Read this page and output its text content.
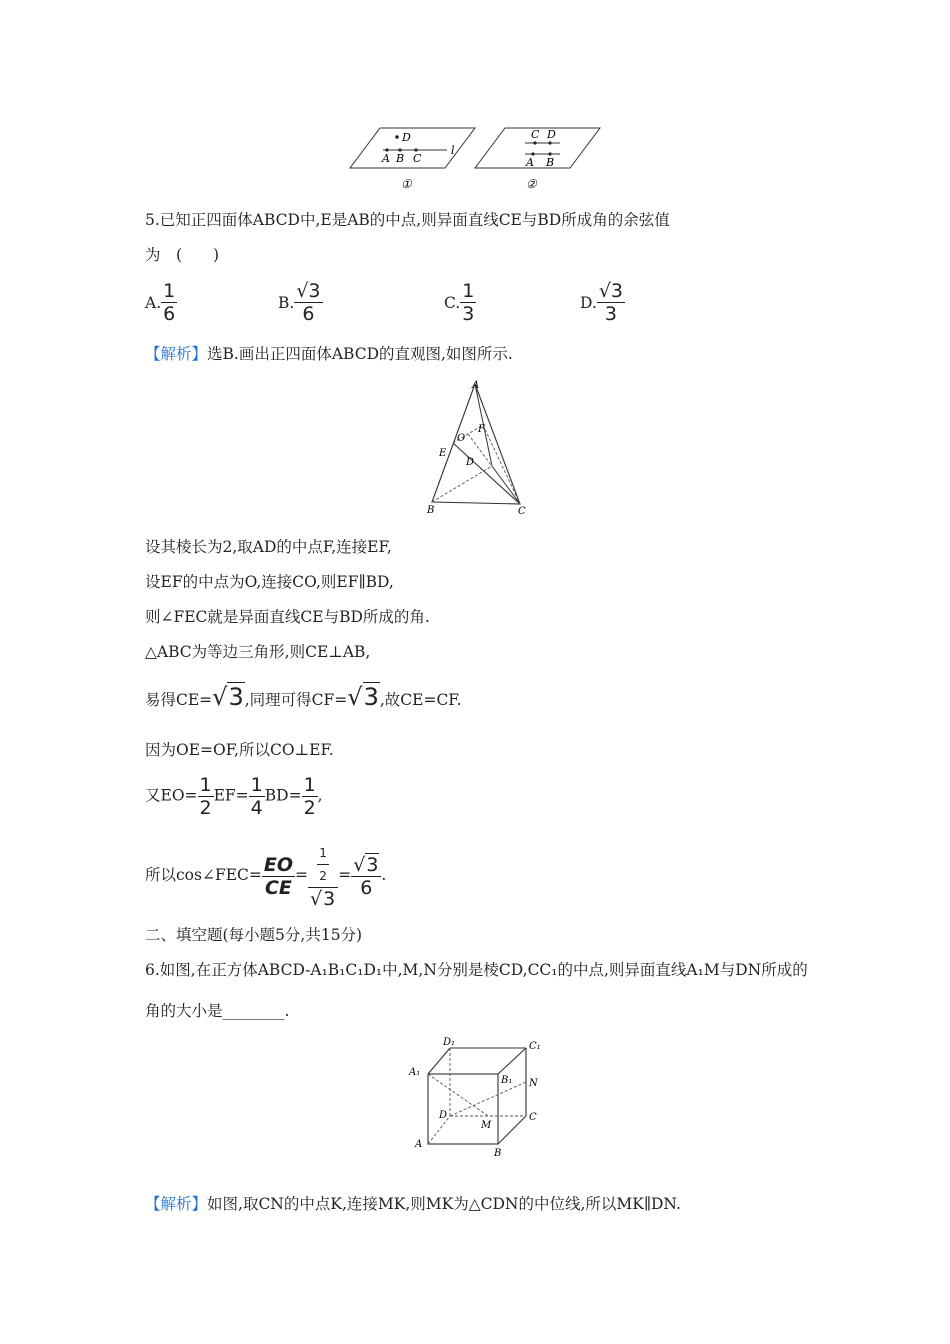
D
A B C
l
C D
A B
①	②
5.已知正四面体ABCD中,E是AB的中点,则异面直线CE与BD所成角的余弦值
为　(　　)
A. $\frac{1}{6}$	B. $\frac{√3}{6}$	C. $\frac{1}{3}$	D. $\frac{√3}{3}$
【解析】选B.画出正四面体ABCD的直观图,如图所示.
A
F
O
E
D
B	C
设其棱长为2,取AD的中点F,连接EF,
设EF的中点为O,连接CO,则EF∥BD,
则∠FEC就是异面直线CE与BD所成的角.
△ABC为等边三角形,则CE⊥AB,
易得CE=√3,同理可得CF=√3,故CE=CF.
因为OE=OF,所以CO⊥EF.
又$EO= \frac{1}{2} EF= \frac{1}{4} BD= \frac{1}{2}$ ,
所以cos∠FEC= $\frac{EO}{CE} = \frac{\frac{1}{2}}{√3} = \frac{√3}{6}$ .
二、填空题(每小题5分,共15分)
6.如图,在正方体ABCD-A₁B₁C₁D₁中,M,N分别是棱CD,CC₁的中点,则异面直线A₁M与DN所成的
角的大小是________.
D₁	C₁
A₁
B₁ N
D	C
M
A
B
【解析】如图,取CN的中点K,连接MK,则MK为△CDN的中位线,所以MK∥DN.
